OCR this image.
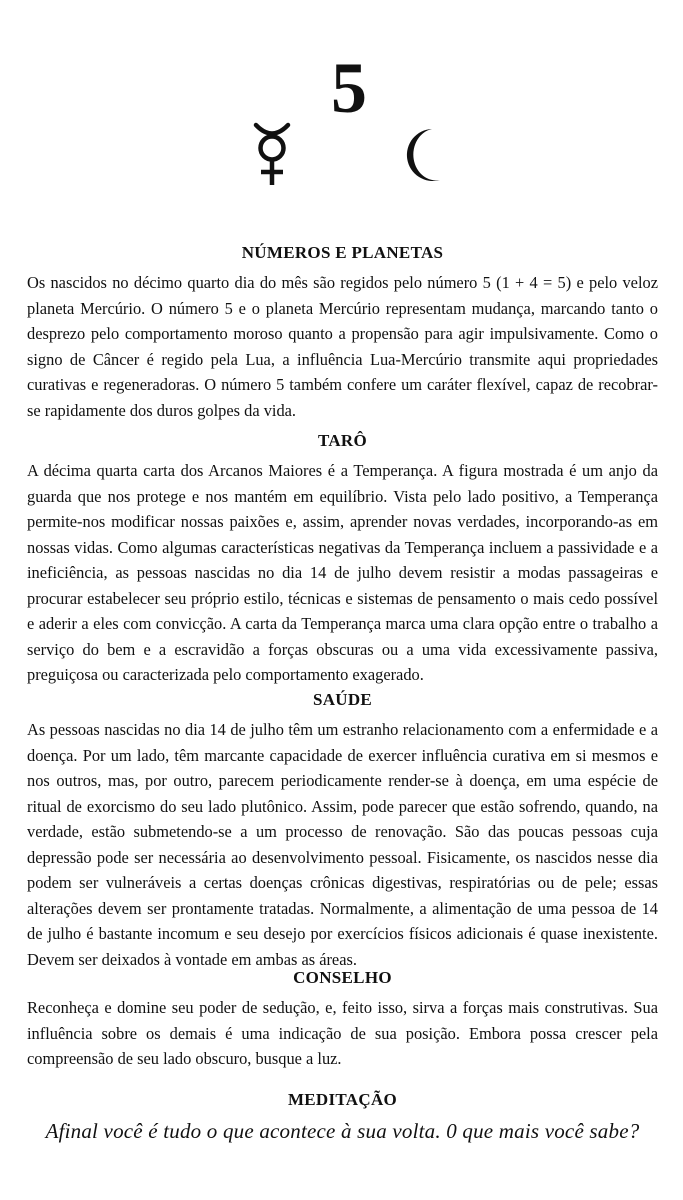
5
NÚMEROS E PLANETAS

Os nascidos no décimo quarto dia do mês são regidos pelo número 5 (1 + 4 = 5) e pelo veloz planeta Mercúrio. O número 5 e o planeta Mercúrio representam mudança, marcando tanto o desprezo pelo comportamento moroso quanto a propensão para agir impulsivamente. Como o signo de Câncer é regido pela Lua, a influência Lua-Mercúrio transmite aqui propriedades curativas e regeneradoras. O número 5 também confere um caráter flexível, capaz de recobrar-se rapidamente dos duros golpes da vida.

TARÔ

A décima quarta carta dos Arcanos Maiores é a Temperança. A figura mostrada é um anjo da guarda que nos protege e nos mantém em equilíbrio. Vista pelo lado positivo, a Temperança permite-nos modificar nossas paixões e, assim, aprender novas verdades, incorporando-as em nossas vidas. Como algumas características negativas da Temperança incluem a passividade e a ineficiência, as pessoas nascidas no dia 14 de julho devem resistir a modas passageiras e procurar estabelecer seu próprio estilo, técnicas e sistemas de pensamento o mais cedo possível e aderir a eles com convicção. A carta da Temperança marca uma clara opção entre o trabalho a serviço do bem e a escravidão a forças obscuras ou a uma vida excessivamente passiva, preguiçosa ou caracterizada pelo comportamento exagerado.

SAÚDE

As pessoas nascidas no dia 14 de julho têm um estranho relacionamento com a enfermidade e a doença. Por um lado, têm marcante capacidade de exercer influência curativa em si mesmos e nos outros, mas, por outro, parecem periodicamente render-se à doença, em uma espécie de ritual de exorcismo do seu lado plutônico. Assim, pode parecer que estão sofrendo, quando, na verdade, estão submetendo-se a um processo de renovação. São das poucas pessoas cuja depressão pode ser necessária ao desenvolvimento pessoal. Fisicamente, os nascidos nesse dia podem ser vulneráveis a certas doenças crônicas digestivas, respiratórias ou de pele; essas alterações devem ser prontamente tratadas. Normalmente, a alimentação de uma pessoa de 14 de julho é bastante incomum e seu desejo por exercícios físicos adicionais é quase inexistente. Devem ser deixados à vontade em ambas as áreas.

CONSELHO

Reconheça e domine seu poder de sedução, e, feito isso, sirva a forças mais construtivas. Sua influência sobre os demais é uma indicação de sua posição. Embora possa crescer pela compreensão de seu lado obscuro, busque a luz.

MEDITAÇÃO

Afinal você é tudo o que acontece à sua volta. 0 que mais você sabe?
